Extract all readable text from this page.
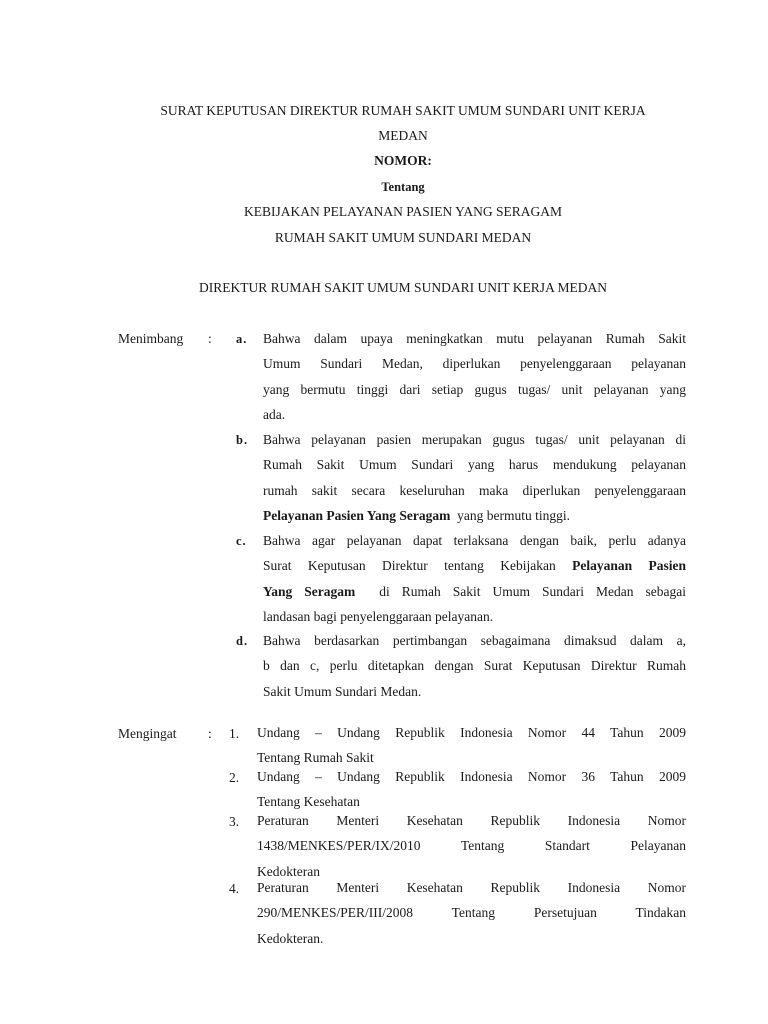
SURAT KEPUTUSAN DIREKTUR RUMAH SAKIT UMUM SUNDARI UNIT KERJA
MEDAN
NOMOR:
Tentang
KEBIJAKAN PELAYANAN PASIEN YANG SERAGAM
RUMAH SAKIT UMUM SUNDARI MEDAN
DIREKTUR RUMAH SAKIT UMUM SUNDARI UNIT KERJA MEDAN
Menimbang : a. Bahwa dalam upaya meningkatkan mutu pelayanan Rumah Sakit
Umum Sundari Medan, diperlukan penyelenggaraan pelayanan
yang bermutu tinggi dari setiap gugus tugas/ unit pelayanan yang
ada.
b. Bahwa pelayanan pasien merupakan gugus tugas/ unit pelayanan di
Rumah Sakit Umum Sundari yang harus mendukung pelayanan
rumah sakit secara keseluruhan maka diperlukan penyelenggaraan
Pelayanan Pasien Yang Seragam  yang bermutu tinggi.
c. Bahwa agar pelayanan dapat terlaksana dengan baik, perlu adanya
Surat Keputusan Direktur tentang Kebijakan Pelayanan Pasien
Yang Seragam  di Rumah Sakit Umum Sundari Medan sebagai
landasan bagi penyelenggaraan pelayanan.
d. Bahwa berdasarkan pertimbangan sebagaimana dimaksud dalam a,
b dan c, perlu ditetapkan dengan Surat Keputusan Direktur Rumah
Sakit Umum Sundari Medan.
Mengingat : 1. Undang – Undang Republik Indonesia Nomor 44 Tahun 2009
Tentang Rumah Sakit
2. Undang – Undang Republik Indonesia Nomor 36 Tahun 2009
Tentang Kesehatan
3. Peraturan Menteri Kesehatan Republik Indonesia Nomor
1438/MENKES/PER/IX/2010 Tentang Standart Pelayanan
Kedokteran
4. Peraturan Menteri Kesehatan Republik Indonesia Nomor
290/MENKES/PER/III/2008 Tentang Persetujuan Tindakan
Kedokteran.
